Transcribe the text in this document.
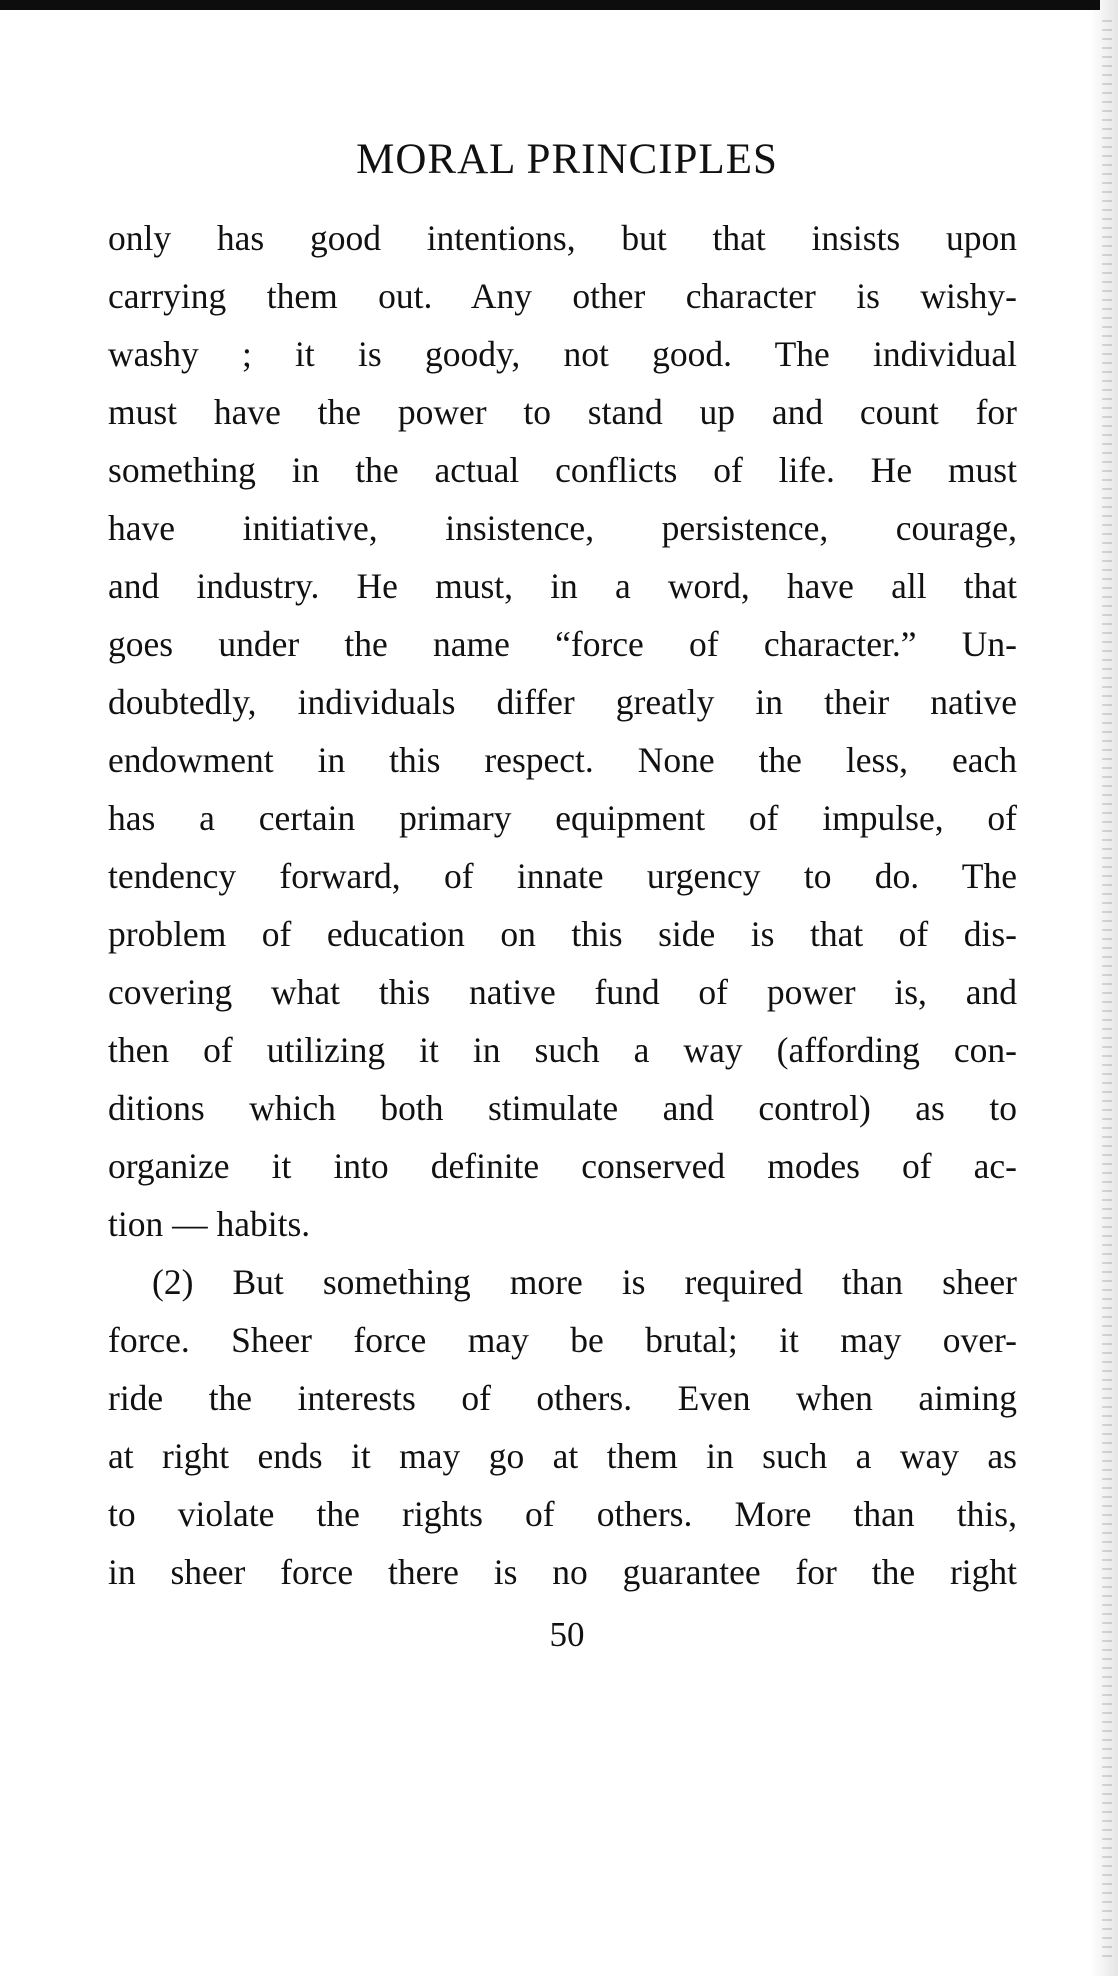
MORAL PRINCIPLES
only has good intentions, but that insists upon
carrying them out. Any other character is wishy-
washy ; it is goody, not good. The individual
must have the power to stand up and count for
something in the actual conflicts of life. He must
have initiative, insistence, persistence, courage,
and industry. He must, in a word, have all that
goes under the name “force of character.” Un-
doubtedly, individuals differ greatly in their native
endowment in this respect. None the less, each
has a certain primary equipment of impulse, of
tendency forward, of innate urgency to do. The
problem of education on this side is that of dis-
covering what this native fund of power is, and
then of utilizing it in such a way (affording con-
ditions which both stimulate and control) as to
organize it into definite conserved modes of ac-
tion — habits.
(2) But something more is required than sheer
force. Sheer force may be brutal; it may over-
ride the interests of others. Even when aiming
at right ends it may go at them in such a way as
to violate the rights of others. More than this,
in sheer force there is no guarantee for the right
50
